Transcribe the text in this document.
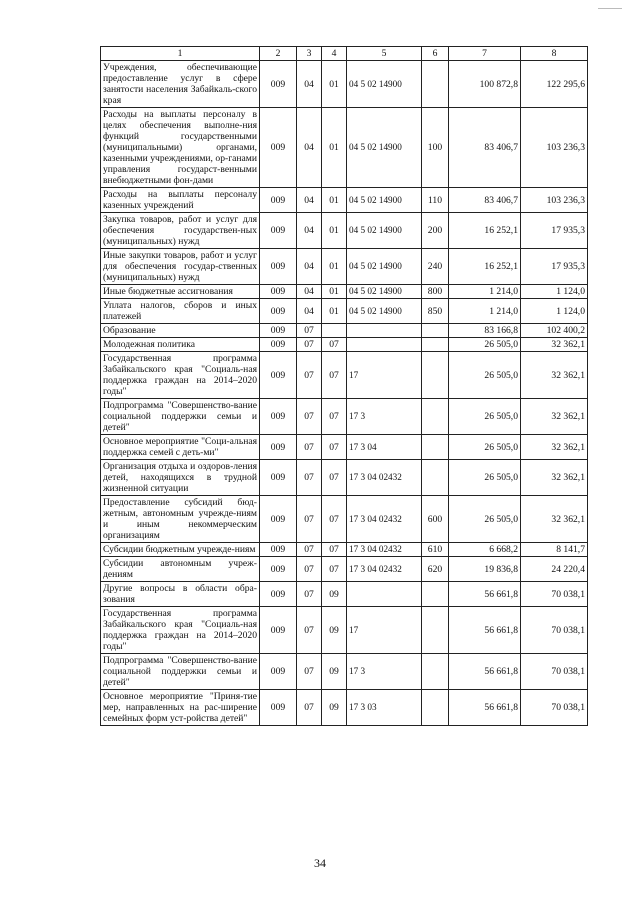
1	2	3	4	5	6	7	8
Учреждения, обеспечивающие предоставление услуг в сфере занятости населения Забайкаль-ского края	009	04	01	04 5 02 14900		100 872,8	122 295,6
Расходы на выплаты персоналу в целях обеспечения выполне-ния функций государственными (муниципальными) органами, казенными учреждениями, ор-ганами управления государст-венными внебюджетными фон-дами	009	04	01	04 5 02 14900	100	83 406,7	103 236,3
Расходы на выплаты персоналу казенных учреждений	009	04	01	04 5 02 14900	110	83 406,7	103 236,3
Закупка товаров, работ и услуг для обеспечения государствен-ных (муниципальных) нужд	009	04	01	04 5 02 14900	200	16 252,1	17 935,3
Иные закупки товаров, работ и услуг для обеспечения государ-ственных (муниципальных) нужд	009	04	01	04 5 02 14900	240	16 252,1	17 935,3
Иные бюджетные ассигнования	009	04	01	04 5 02 14900	800	1 214,0	1 124,0
Уплата налогов, сборов и иных платежей	009	04	01	04 5 02 14900	850	1 214,0	1 124,0
Образование	009	07				83 166,8	102 400,2
Молодежная политика	009	07	07			26 505,0	32 362,1
Государственная программа Забайкальского края "Социаль-ная поддержка граждан на 2014–2020 годы"	009	07	07	17		26 505,0	32 362,1
Подпрограмма "Совершенство-вание социальной поддержки семьи и детей"	009	07	07	17 3		26 505,0	32 362,1
Основное мероприятие "Соци-альная поддержка семей с деть-ми"	009	07	07	17 3 04		26 505,0	32 362,1
Организация отдыха и оздоров-ления детей, находящихся в трудной жизненной ситуации	009	07	07	17 3 04 02432		26 505,0	32 362,1
Предоставление субсидий бюд-жетным, автономным учрежде-ниям и иным некоммерческим организациям	009	07	07	17 3 04 02432	600	26 505,0	32 362,1
Субсидии бюджетным учрежде-ниям	009	07	07	17 3 04 02432	610	6 668,2	8 141,7
Субсидии автономным учреж-дениям	009	07	07	17 3 04 02432	620	19 836,8	24 220,4
Другие вопросы в области обра-зования	009	07	09			56 661,8	70 038,1
Государственная программа Забайкальского края "Социаль-ная поддержка граждан на 2014–2020 годы"	009	07	09	17		56 661,8	70 038,1
Подпрограмма "Совершенство-вание социальной поддержки семьи и детей"	009	07	09	17 3		56 661,8	70 038,1
Основное мероприятие "Приня-тие мер, направленных на рас-ширение семейных форм уст-ройства детей"	009	07	09	17 3 03		56 661,8	70 038,1
34
